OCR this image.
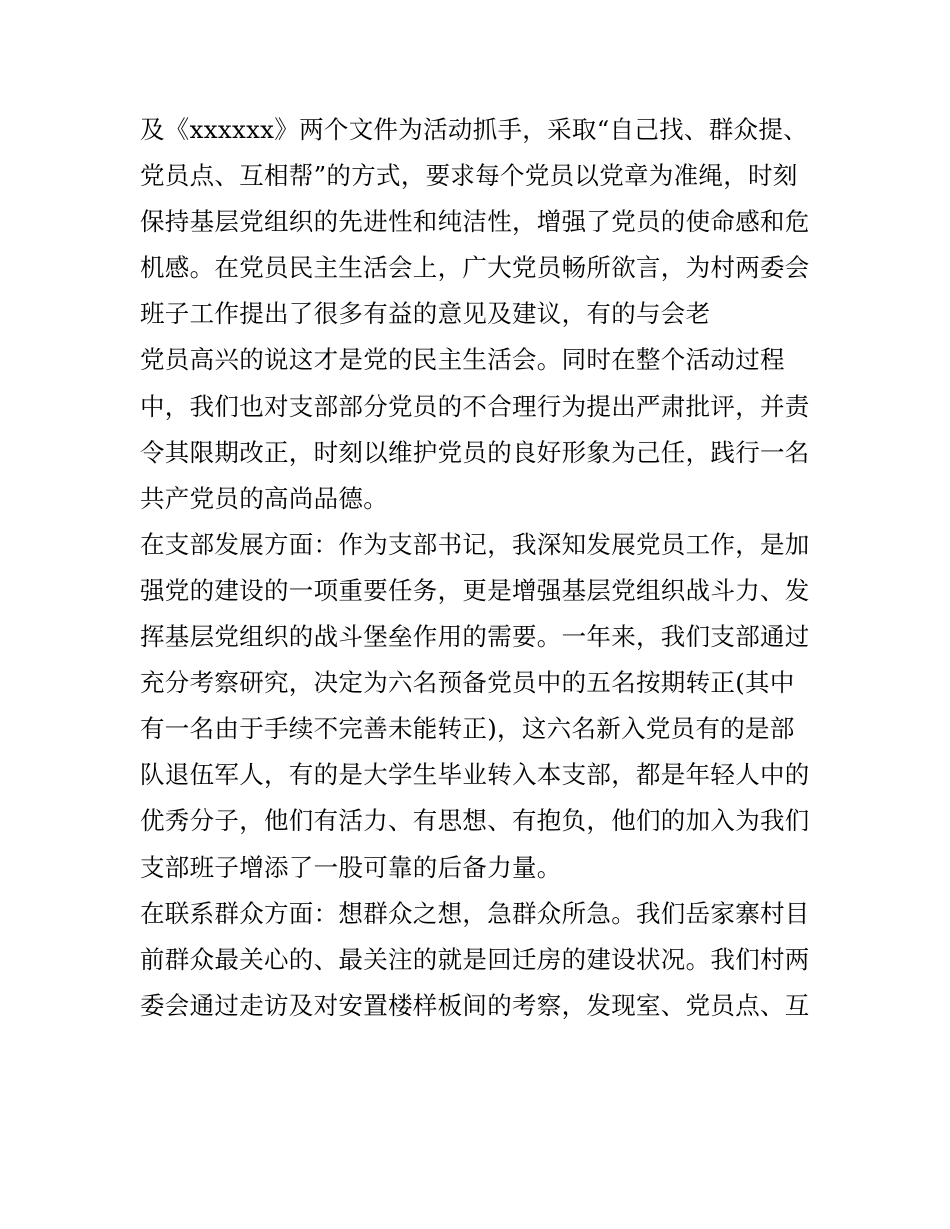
及《xxxxxx》两个文件为活动抓手，采取“自己找、群众提、
党员点、互相帮”的方式，要求每个党员以党章为准绳，时刻
保持基层党组织的先进性和纯洁性，增强了党员的使命感和危
机感。在党员民主生活会上，广大党员畅所欲言，为村两委会
班子工作提出了很多有益的意见及建议，有的与会老
党员高兴的说这才是党的民主生活会。同时在整个活动过程
中，我们也对支部部分党员的不合理行为提出严肃批评，并责
令其限期改正，时刻以维护党员的良好形象为己任，践行一名
共产党员的高尚品德。
在支部发展方面：作为支部书记，我深知发展党员工作，是加
强党的建设的一项重要任务，更是增强基层党组织战斗力、发
挥基层党组织的战斗堡垒作用的需要。一年来，我们支部通过
充分考察研究，决定为六名预备党员中的五名按期转正(其中
有一名由于手续不完善未能转正)，这六名新入党员有的是部
队退伍军人，有的是大学生毕业转入本支部，都是年轻人中的
优秀分子，他们有活力、有思想、有抱负，他们的加入为我们
支部班子增添了一股可靠的后备力量。
在联系群众方面：想群众之想，急群众所急。我们岳家寨村目
前群众最关心的、最关注的就是回迁房的建设状况。我们村两
委会通过走访及对安置楼样板间的考察，发现室、党员点、互
